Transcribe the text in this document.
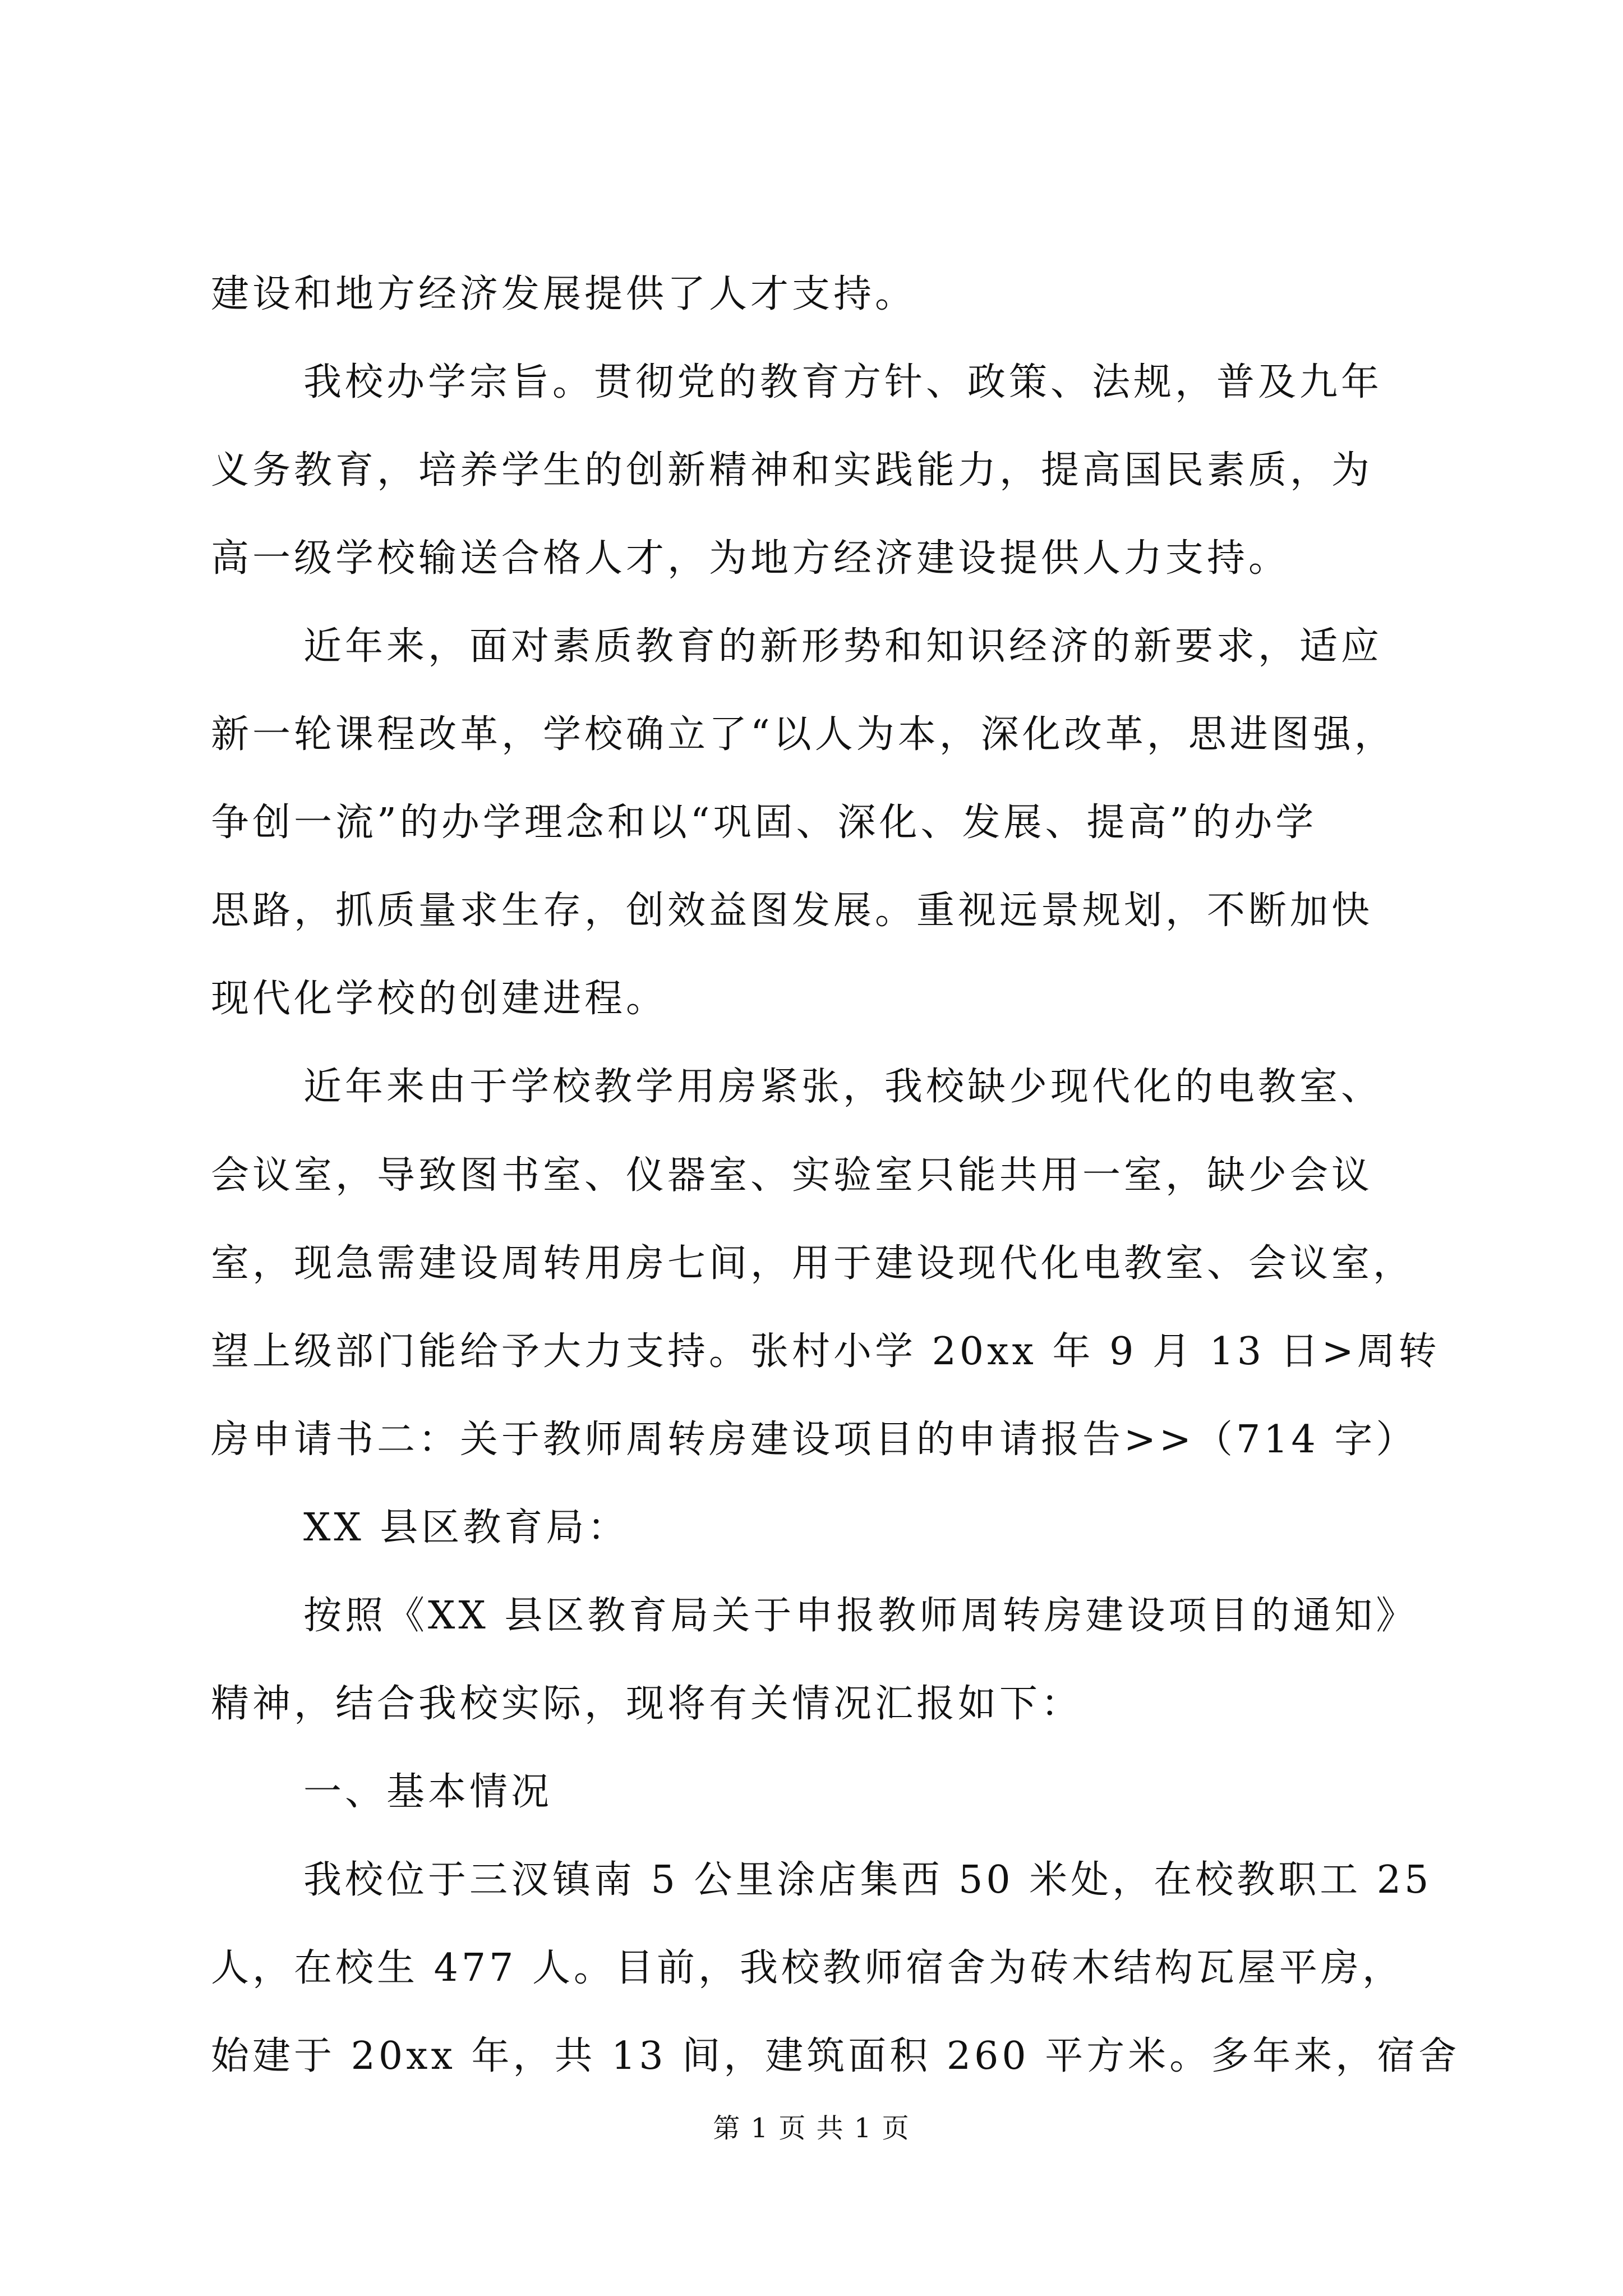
建设和地方经济发展提供了人才支持。
我校办学宗旨。贯彻党的教育方针、政策、法规，普及九年
义务教育，培养学生的创新精神和实践能力，提高国民素质，为
高一级学校输送合格人才，为地方经济建设提供人力支持。
近年来，面对素质教育的新形势和知识经济的新要求，适应
新一轮课程改革，学校确立了“以人为本，深化改革，思进图强，
争创一流”的办学理念和以“巩固、深化、发展、提高”的办学
思路，抓质量求生存，创效益图发展。重视远景规划，不断加快
现代化学校的创建进程。
近年来由于学校教学用房紧张，我校缺少现代化的电教室、
会议室，导致图书室、仪器室、实验室只能共用一室，缺少会议
室，现急需建设周转用房七间，用于建设现代化电教室、会议室，
望上级部门能给予大力支持。张村小学 20xx 年 9 月 13 日>周转
房申请书二：关于教师周转房建设项目的申请报告>>（714 字）
XX 县区教育局：
按照《XX 县区教育局关于申报教师周转房建设项目的通知》
精神，结合我校实际，现将有关情况汇报如下：
一、基本情况
我校位于三汊镇南 5 公里涂店集西 50 米处，在校教职工 25
人，在校生 477 人。目前，我校教师宿舍为砖木结构瓦屋平房，
始建于 20xx 年，共 13 间，建筑面积 260 平方米。多年来，宿舍
第 1 页 共 1 页
